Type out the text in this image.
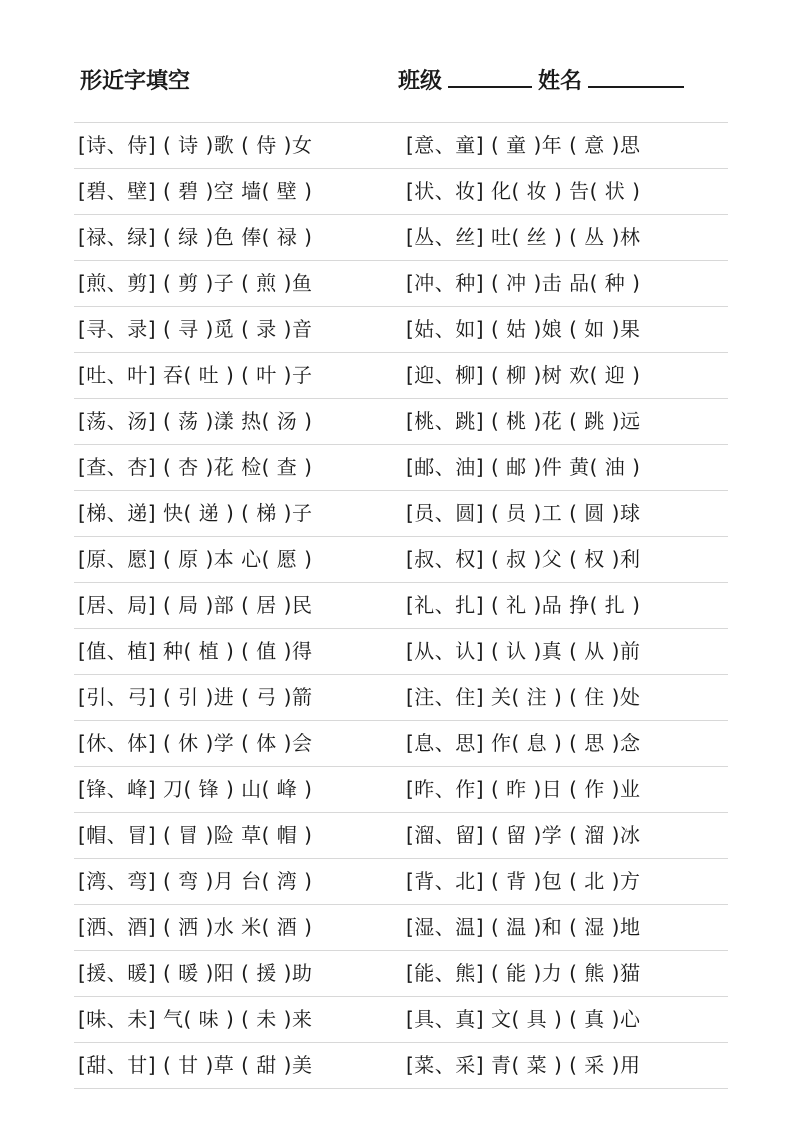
形近字填空	班级	姓名
[诗、侍] ( 诗 )歌 ( 侍 )女	[意、童] ( 童 )年 ( 意 )思
[碧、壁] ( 碧 )空 墙( 壁 )	[状、妆] 化( 妆 ) 告( 状 )
[禄、绿] ( 绿 )色 俸( 禄 )	[丛、丝] 吐( 丝 ) ( 丛 )林
[煎、剪] ( 剪 )子 ( 煎 )鱼	[冲、种] ( 冲 )击 品( 种 )
[寻、录] ( 寻 )觅 ( 录 )音	[姑、如] ( 姑 )娘 ( 如 )果
[吐、叶] 吞( 吐 ) ( 叶 )子	[迎、柳] ( 柳 )树 欢( 迎 )
[荡、汤] ( 荡 )漾 热( 汤 )	[桃、跳] ( 桃 )花 ( 跳 )远
[查、杏] ( 杏 )花 检( 查 )	[邮、油] ( 邮 )件 黄( 油 )
[梯、递] 快( 递 ) ( 梯 )子	[员、圆] ( 员 )工 ( 圆 )球
[原、愿] ( 原 )本 心( 愿 )	[叔、权] ( 叔 )父 ( 权 )利
[居、局] ( 局 )部 ( 居 )民	[礼、扎] ( 礼 )品 挣( 扎 )
[值、植] 种( 植 ) ( 值 )得	[从、认] ( 认 )真 ( 从 )前
[引、弓] ( 引 )进 ( 弓 )箭	[注、住] 关( 注 ) ( 住 )处
[休、体] ( 休 )学 ( 体 )会	[息、思] 作( 息 ) ( 思 )念
[锋、峰] 刀( 锋 ) 山( 峰 )	[昨、作] ( 昨 )日 ( 作 )业
[帽、冒] ( 冒 )险 草( 帽 )	[溜、留] ( 留 )学 ( 溜 )冰
[湾、弯] ( 弯 )月 台( 湾 )	[背、北] ( 背 )包 ( 北 )方
[洒、酒] ( 洒 )水 米( 酒 )	[湿、温] ( 温 )和 ( 湿 )地
[援、暖] ( 暖 )阳 ( 援 )助	[能、熊] ( 能 )力 ( 熊 )猫
[味、未] 气( 味 ) ( 未 )来	[具、真] 文( 具 ) ( 真 )心
[甜、甘] ( 甘 )草 ( 甜 )美	[菜、采] 青( 菜 ) ( 采 )用
